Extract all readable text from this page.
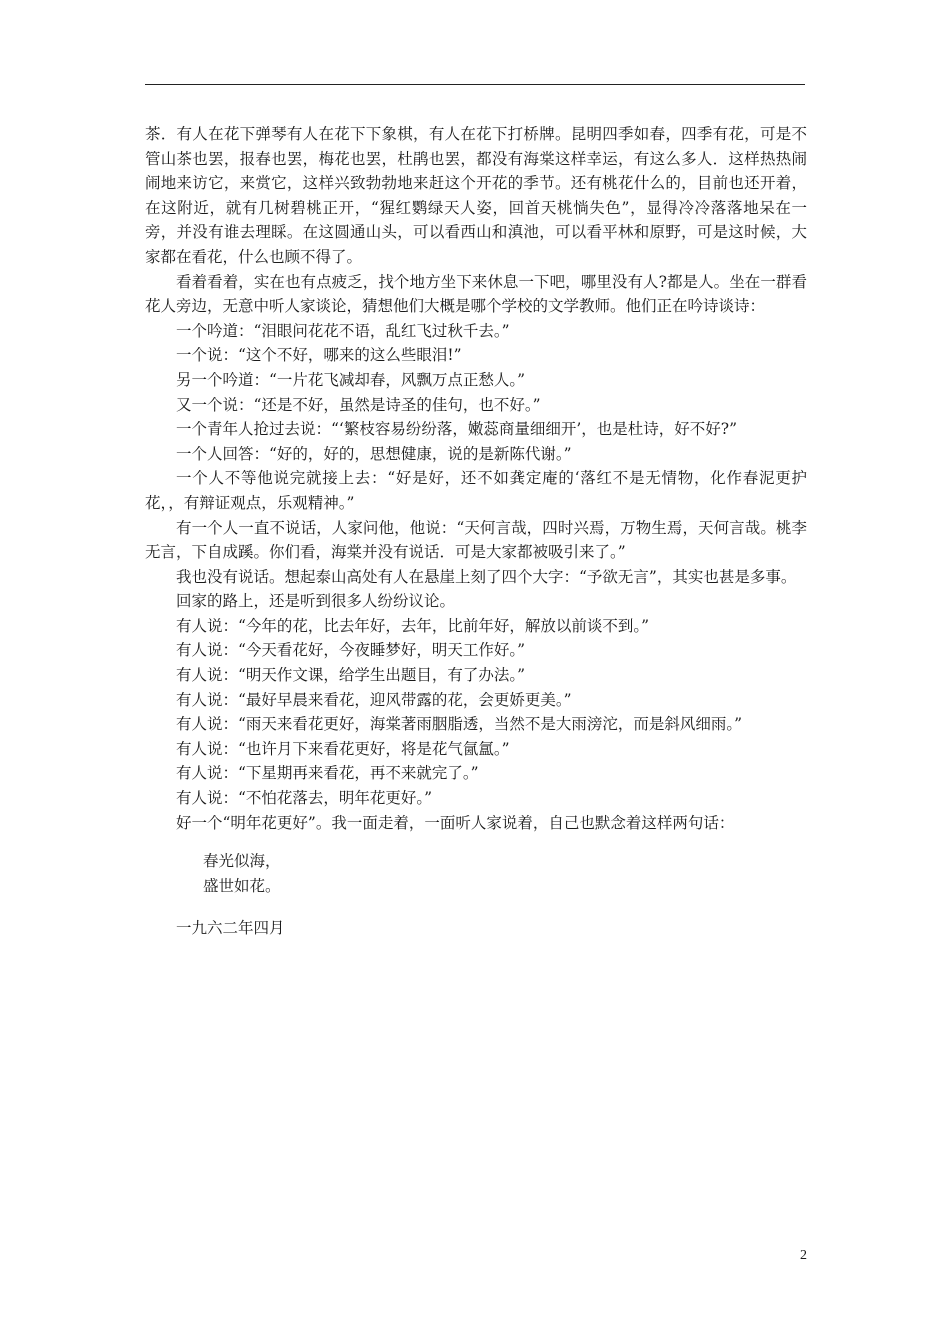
茶．有人在花下弹琴有人在花下下象棋，有人在花下打桥牌。昆明四季如春，四季有花，可是不管山茶也罢，报春也罢，梅花也罢，杜鹃也罢，都没有海棠这样幸运，有这么多人．这样热热闹闹地来访它，来赏它，这样兴致勃勃地来赶这个开花的季节。还有桃花什么的，目前也还开着，在这附近，就有几树碧桃正开，“猩红鹦绿天人姿，回首天桃惝失色”，显得冷冷落落地呆在一旁，并没有谁去理睬。在这圆通山头，可以看西山和滇池，可以看平林和原野，可是这时候，大家都在看花，什么也顾不得了。

看着看着，实在也有点疲乏，找个地方坐下来休息一下吧，哪里没有人?都是人。坐在一群看花人旁边，无意中听人家谈论，猜想他们大概是哪个学校的文学教师。他们正在吟诗谈诗：

一个吟道：“泪眼问花花不语，乱红飞过秋千去。”

一个说：“这个不好，哪来的这么些眼泪!”

另一个吟道：“一片花飞减却春，风飘万点正愁人。”

又一个说：“还是不好，虽然是诗圣的佳句，也不好。”

一个青年人抢过去说：“‘繁枝容易纷纷落，嫩蕊商量细细开’，也是杜诗，好不好?”

一个人回答：“好的，好的，思想健康，说的是新陈代谢。”

一个人不等他说完就接上去：“好是好，还不如龚定庵的‘落红不是无情物，化作春泥更护花，，有辩证观点，乐观精神。”

有一个人一直不说话，人家问他，他说：“天何言哉，四时兴焉，万物生焉，天何言哉。桃李无言，下自成蹊。你们看，海棠并没有说话．可是大家都被吸引来了。”

我也没有说话。想起泰山高处有人在悬崖上刻了四个大字：“予欲无言”，其实也甚是多事。

回家的路上，还是听到很多人纷纷议论。

有人说：“今年的花，比去年好，去年，比前年好，解放以前谈不到。”

有人说：“今天看花好，今夜睡梦好，明天工作好。”

有人说：“明天作文课，给学生出题目，有了办法。”

有人说：“最好早晨来看花，迎风带露的花，会更娇更美。”

有人说：“雨天来看花更好，海棠著雨胭脂透，当然不是大雨滂沱，而是斜风细雨。”

有人说：“也许月下来看花更好，将是花气氤氲。”

有人说：“下星期再来看花，再不来就完了。”

有人说：“不怕花落去，明年花更好。”

好一个“明年花更好”。我一面走着，一面听人家说着，自己也默念着这样两句话：

春光似海，

盛世如花。

一九六二年四月

2
